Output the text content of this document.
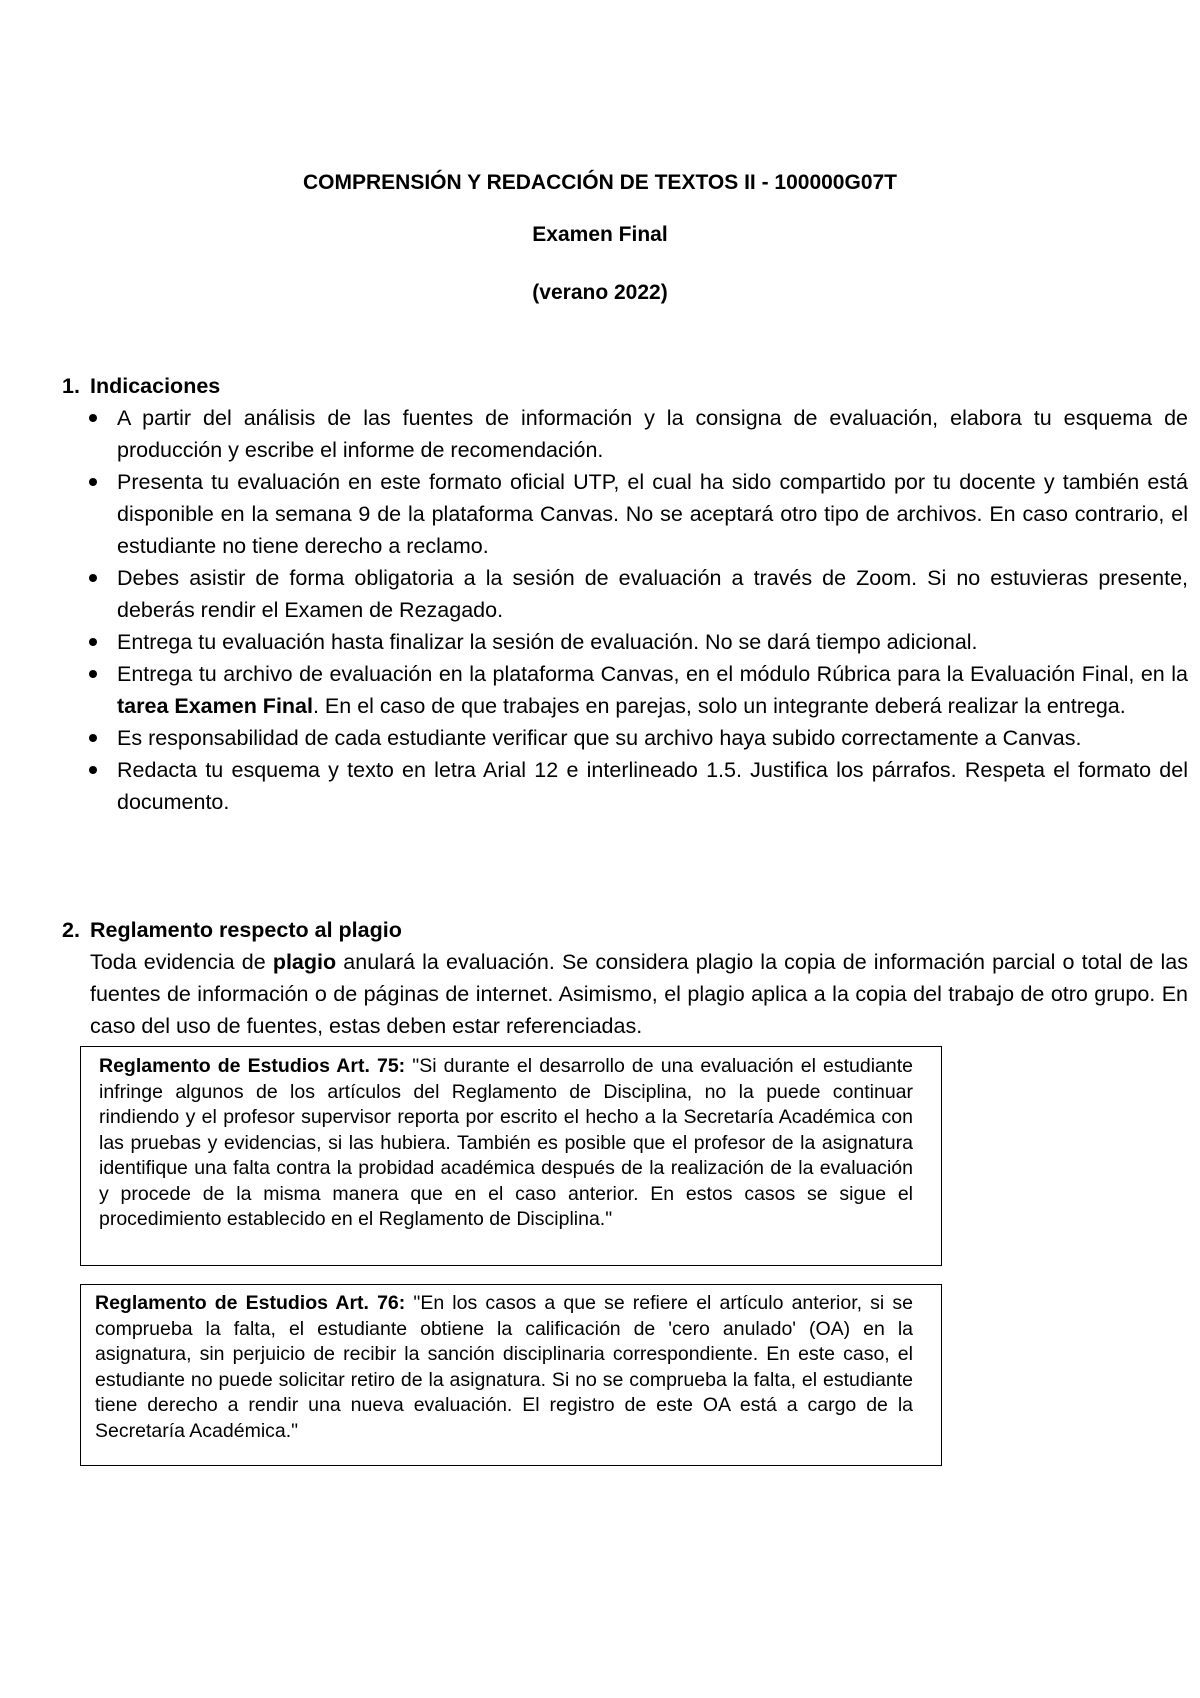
COMPRENSIÓN Y REDACCIÓN DE TEXTOS II - 100000G07T

Examen Final

(verano 2022)

1. Indicaciones

A partir del análisis de las fuentes de información y la consigna de evaluación, elabora tu esquema de producción y escribe el informe de recomendación.
Presenta tu evaluación en este formato oficial UTP, el cual ha sido compartido por tu docente y también está disponible en la semana 9 de la plataforma Canvas. No se aceptará otro tipo de archivos. En caso contrario, el estudiante no tiene derecho a reclamo.
Debes asistir de forma obligatoria a la sesión de evaluación a través de Zoom. Si no estuvieras presente, deberás rendir el Examen de Rezagado.
Entrega tu evaluación hasta finalizar la sesión de evaluación. No se dará tiempo adicional.
Entrega tu archivo de evaluación en la plataforma Canvas, en el módulo Rúbrica para la Evaluación Final, en la tarea Examen Final. En el caso de que trabajes en parejas, solo un integrante deberá realizar la entrega.
Es responsabilidad de cada estudiante verificar que su archivo haya subido correctamente a Canvas.
Redacta tu esquema y texto en letra Arial 12 e interlineado 1.5. Justifica los párrafos. Respeta el formato del documento.

2. Reglamento respecto al plagio

Toda evidencia de plagio anulará la evaluación. Se considera plagio la copia de información parcial o total de las fuentes de información o de páginas de internet. Asimismo, el plagio aplica a la copia del trabajo de otro grupo. En caso del uso de fuentes, estas deben estar referenciadas.

Reglamento de Estudios Art. 75: "Si durante el desarrollo de una evaluación el estudiante infringe algunos de los artículos del Reglamento de Disciplina, no la puede continuar rindiendo y el profesor supervisor reporta por escrito el hecho a la Secretaría Académica con las pruebas y evidencias, si las hubiera. También es posible que el profesor de la asignatura identifique una falta contra la probidad académica después de la realización de la evaluación y procede de la misma manera que en el caso anterior. En estos casos se sigue el procedimiento establecido en el Reglamento de Disciplina."
Reglamento de Estudios Art. 76: "En los casos a que se refiere el artículo anterior, si se comprueba la falta, el estudiante obtiene la calificación de 'cero anulado' (OA) en la asignatura, sin perjuicio de recibir la sanción disciplinaria correspondiente. En este caso, el estudiante no puede solicitar retiro de la asignatura. Si no se comprueba la falta, el estudiante tiene derecho a rendir una nueva evaluación. El registro de este OA está a cargo de la Secretaría Académica."
